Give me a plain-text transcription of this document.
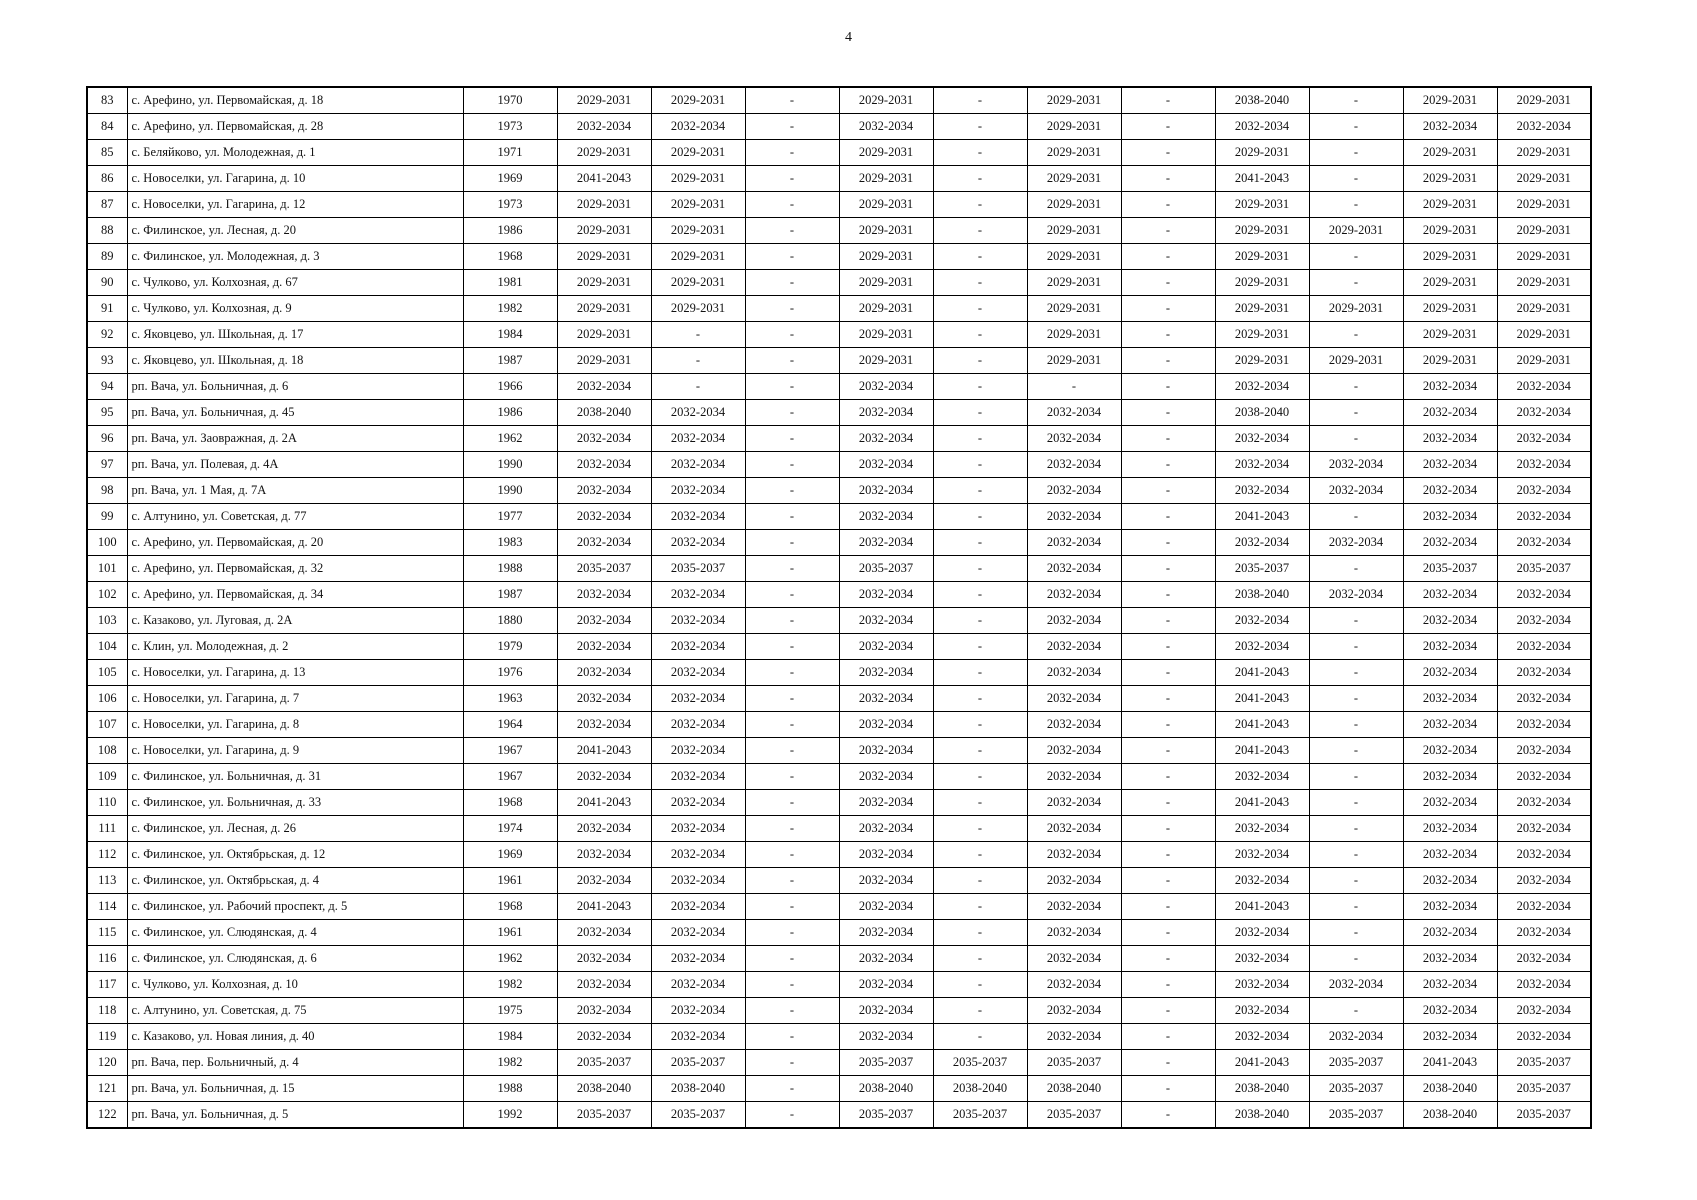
4
83	с. Арефино, ул. Первомайская, д. 18	1970	2029-2031	2029-2031	-	2029-2031	-	2029-2031	-	2038-2040	-	2029-2031	2029-2031
84	с. Арефино, ул. Первомайская, д. 28	1973	2032-2034	2032-2034	-	2032-2034	-	2029-2031	-	2032-2034	-	2032-2034	2032-2034
85	с. Беляйково, ул. Молодежная, д. 1	1971	2029-2031	2029-2031	-	2029-2031	-	2029-2031	-	2029-2031	-	2029-2031	2029-2031
86	с. Новоселки, ул. Гагарина, д. 10	1969	2041-2043	2029-2031	-	2029-2031	-	2029-2031	-	2041-2043	-	2029-2031	2029-2031
87	с. Новоселки, ул. Гагарина, д. 12	1973	2029-2031	2029-2031	-	2029-2031	-	2029-2031	-	2029-2031	-	2029-2031	2029-2031
88	с. Филинское, ул. Лесная, д. 20	1986	2029-2031	2029-2031	-	2029-2031	-	2029-2031	-	2029-2031	2029-2031	2029-2031	2029-2031
89	с. Филинское, ул. Молодежная, д. 3	1968	2029-2031	2029-2031	-	2029-2031	-	2029-2031	-	2029-2031	-	2029-2031	2029-2031
90	с. Чулково, ул. Колхозная, д. 67	1981	2029-2031	2029-2031	-	2029-2031	-	2029-2031	-	2029-2031	-	2029-2031	2029-2031
91	с. Чулково, ул. Колхозная, д. 9	1982	2029-2031	2029-2031	-	2029-2031	-	2029-2031	-	2029-2031	2029-2031	2029-2031	2029-2031
92	с. Яковцево, ул. Школьная, д. 17	1984	2029-2031	-	-	2029-2031	-	2029-2031	-	2029-2031	-	2029-2031	2029-2031
93	с. Яковцево, ул. Школьная, д. 18	1987	2029-2031	-	-	2029-2031	-	2029-2031	-	2029-2031	2029-2031	2029-2031	2029-2031
94	рп. Вача, ул. Больничная, д. 6	1966	2032-2034	-	-	2032-2034	-	-	-	2032-2034	-	2032-2034	2032-2034
95	рп. Вача, ул. Больничная, д. 45	1986	2038-2040	2032-2034	-	2032-2034	-	2032-2034	-	2038-2040	-	2032-2034	2032-2034
96	рп. Вача, ул. Заовражная, д. 2А	1962	2032-2034	2032-2034	-	2032-2034	-	2032-2034	-	2032-2034	-	2032-2034	2032-2034
97	рп. Вача, ул. Полевая, д. 4А	1990	2032-2034	2032-2034	-	2032-2034	-	2032-2034	-	2032-2034	2032-2034	2032-2034	2032-2034
98	рп. Вача, ул. 1 Мая, д. 7А	1990	2032-2034	2032-2034	-	2032-2034	-	2032-2034	-	2032-2034	2032-2034	2032-2034	2032-2034
99	с. Алтунино, ул. Советская, д. 77	1977	2032-2034	2032-2034	-	2032-2034	-	2032-2034	-	2041-2043	-	2032-2034	2032-2034
100	с. Арефино, ул. Первомайская, д. 20	1983	2032-2034	2032-2034	-	2032-2034	-	2032-2034	-	2032-2034	2032-2034	2032-2034	2032-2034
101	с. Арефино, ул. Первомайская, д. 32	1988	2035-2037	2035-2037	-	2035-2037	-	2032-2034	-	2035-2037	-	2035-2037	2035-2037
102	с. Арефино, ул. Первомайская, д. 34	1987	2032-2034	2032-2034	-	2032-2034	-	2032-2034	-	2038-2040	2032-2034	2032-2034	2032-2034
103	с. Казаково, ул. Луговая, д. 2А	1880	2032-2034	2032-2034	-	2032-2034	-	2032-2034	-	2032-2034	-	2032-2034	2032-2034
104	с. Клин, ул. Молодежная, д. 2	1979	2032-2034	2032-2034	-	2032-2034	-	2032-2034	-	2032-2034	-	2032-2034	2032-2034
105	с. Новоселки, ул. Гагарина, д. 13	1976	2032-2034	2032-2034	-	2032-2034	-	2032-2034	-	2041-2043	-	2032-2034	2032-2034
106	с. Новоселки, ул. Гагарина, д. 7	1963	2032-2034	2032-2034	-	2032-2034	-	2032-2034	-	2041-2043	-	2032-2034	2032-2034
107	с. Новоселки, ул. Гагарина, д. 8	1964	2032-2034	2032-2034	-	2032-2034	-	2032-2034	-	2041-2043	-	2032-2034	2032-2034
108	с. Новоселки, ул. Гагарина, д. 9	1967	2041-2043	2032-2034	-	2032-2034	-	2032-2034	-	2041-2043	-	2032-2034	2032-2034
109	с. Филинское, ул. Больничная, д. 31	1967	2032-2034	2032-2034	-	2032-2034	-	2032-2034	-	2032-2034	-	2032-2034	2032-2034
110	с. Филинское, ул. Больничная, д. 33	1968	2041-2043	2032-2034	-	2032-2034	-	2032-2034	-	2041-2043	-	2032-2034	2032-2034
111	с. Филинское, ул. Лесная, д. 26	1974	2032-2034	2032-2034	-	2032-2034	-	2032-2034	-	2032-2034	-	2032-2034	2032-2034
112	с. Филинское, ул. Октябрьская, д. 12	1969	2032-2034	2032-2034	-	2032-2034	-	2032-2034	-	2032-2034	-	2032-2034	2032-2034
113	с. Филинское, ул. Октябрьская, д. 4	1961	2032-2034	2032-2034	-	2032-2034	-	2032-2034	-	2032-2034	-	2032-2034	2032-2034
114	с. Филинское, ул. Рабочий проспект, д. 5	1968	2041-2043	2032-2034	-	2032-2034	-	2032-2034	-	2041-2043	-	2032-2034	2032-2034
115	с. Филинское, ул. Слюдянская, д. 4	1961	2032-2034	2032-2034	-	2032-2034	-	2032-2034	-	2032-2034	-	2032-2034	2032-2034
116	с. Филинское, ул. Слюдянская, д. 6	1962	2032-2034	2032-2034	-	2032-2034	-	2032-2034	-	2032-2034	-	2032-2034	2032-2034
117	с. Чулково, ул. Колхозная, д. 10	1982	2032-2034	2032-2034	-	2032-2034	-	2032-2034	-	2032-2034	2032-2034	2032-2034	2032-2034
118	с. Алтунино, ул. Советская, д. 75	1975	2032-2034	2032-2034	-	2032-2034	-	2032-2034	-	2032-2034	-	2032-2034	2032-2034
119	с. Казаково, ул. Новая линия, д. 40	1984	2032-2034	2032-2034	-	2032-2034	-	2032-2034	-	2032-2034	2032-2034	2032-2034	2032-2034
120	рп. Вача, пер. Больничный, д. 4	1982	2035-2037	2035-2037	-	2035-2037	2035-2037	2035-2037	-	2041-2043	2035-2037	2041-2043	2035-2037
121	рп. Вача, ул. Больничная, д. 15	1988	2038-2040	2038-2040	-	2038-2040	2038-2040	2038-2040	-	2038-2040	2035-2037	2038-2040	2035-2037
122	рп. Вача, ул. Больничная, д. 5	1992	2035-2037	2035-2037	-	2035-2037	2035-2037	2035-2037	-	2038-2040	2035-2037	2038-2040	2035-2037
